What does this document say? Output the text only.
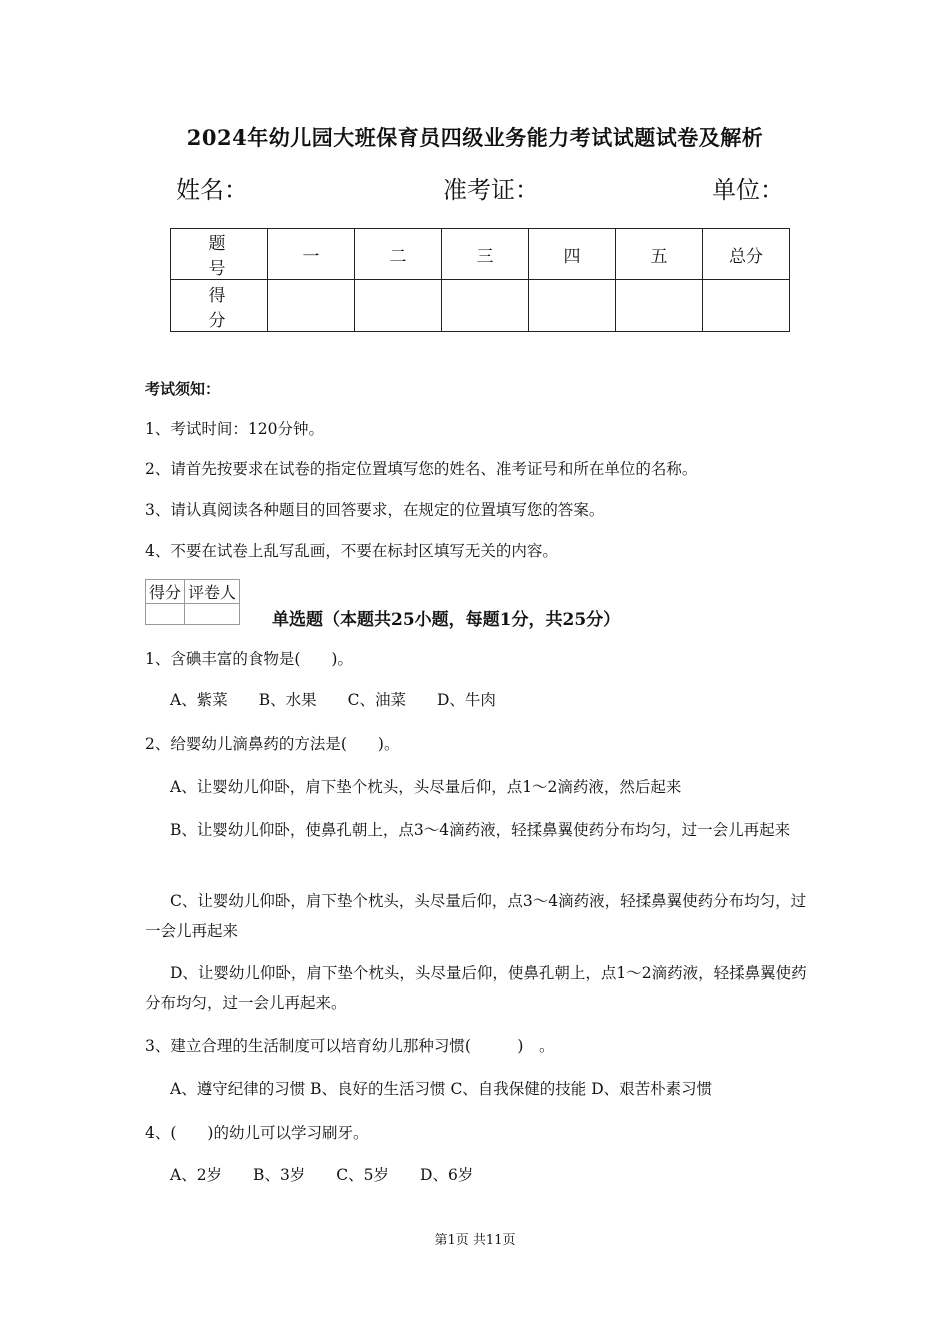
2024年幼儿园大班保育员四级业务能力考试试题试卷及解析
姓名：	准考证：	单位：
题　号	一	二	三	四	五	总分
得　分						
考试须知：
1、考试时间：120分钟。
2、请首先按要求在试卷的指定位置填写您的姓名、准考证号和所在单位的名称。
3、请认真阅读各种题目的回答要求，在规定的位置填写您的答案。
4、不要在试卷上乱写乱画，不要在标封区填写无关的内容。
得分	评卷人

单选题（本题共25小题，每题1分，共25分）
1、含碘丰富的食物是(　　)。
A、紫菜　　B、水果　　C、油菜　　D、牛肉
2、给婴幼儿滴鼻药的方法是(　　)。
A、让婴幼儿仰卧，肩下垫个枕头，头尽量后仰，点1～2滴药液，然后起来
B、让婴幼儿仰卧，使鼻孔朝上，点3～4滴药液，轻揉鼻翼使药分布均匀，过一会儿再起来
C、让婴幼儿仰卧，肩下垫个枕头，头尽量后仰，点3～4滴药液，轻揉鼻翼使药分布均匀，过一会儿再起来
D、让婴幼儿仰卧，肩下垫个枕头，头尽量后仰，使鼻孔朝上，点1～2滴药液，轻揉鼻翼使药分布均匀，过一会儿再起来。
3、建立合理的生活制度可以培育幼儿那种习惯(　　　)　。
A、遵守纪律的习惯 B、良好的生活习惯 C、自我保健的技能 D、艰苦朴素习惯
4、(　　)的幼儿可以学习刷牙。
A、2岁　　B、3岁　　C、5岁　　D、6岁
第1页 共11页
